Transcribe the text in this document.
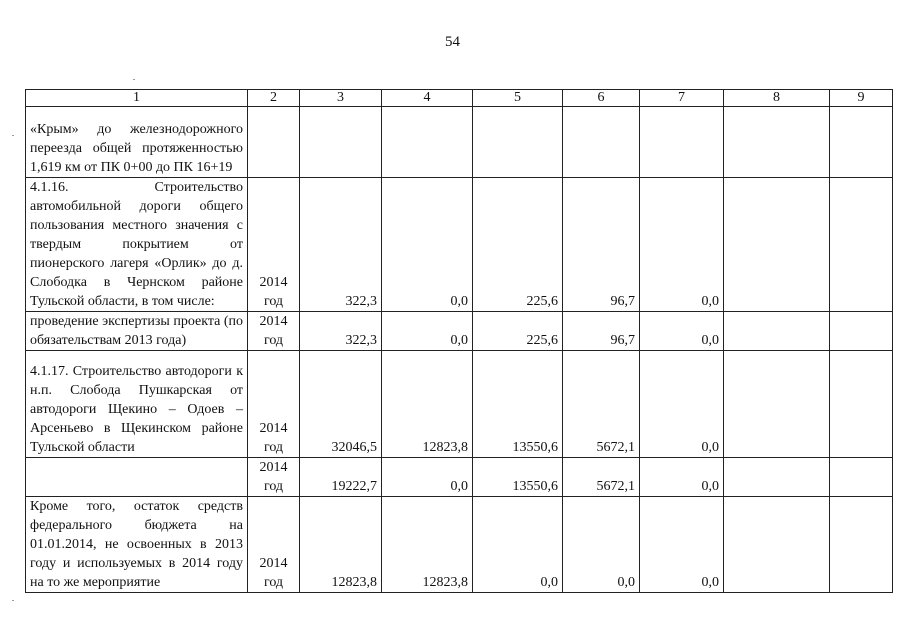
54
1	2	3	4	5	6	7	8	9
«Крым» до железнодорожного переезда общей протяженностью 1,619 км от ПК 0+00 до ПК 16+19								
4.1.16. Строительство автомобильной дороги общего пользования местного значения с твердым покрытием от пионерского лагеря «Орлик» до д. Слободка в Чернском районе Тульской области, в том числе:	2014 год	322,3	0,0	225,6	96,7	0,0		
проведение экспертизы проекта (по обязательствам 2013 года)	2014 год	322,3	0,0	225,6	96,7	0,0		
4.1.17. Строительство автодороги к н.п. Слобода Пушкарская от автодороги Щекино – Одоев – Арсеньево в Щекинском районе Тульской области	2014 год	32046,5	12823,8	13550,6	5672,1	0,0		
	2014 год	19222,7	0,0	13550,6	5672,1	0,0		
Кроме того, остаток средств федерального бюджета на 01.01.2014, не освоенных в 2013 году и используемых в 2014 году на то же мероприятие	2014 год	12823,8	12823,8	0,0	0,0	0,0		
